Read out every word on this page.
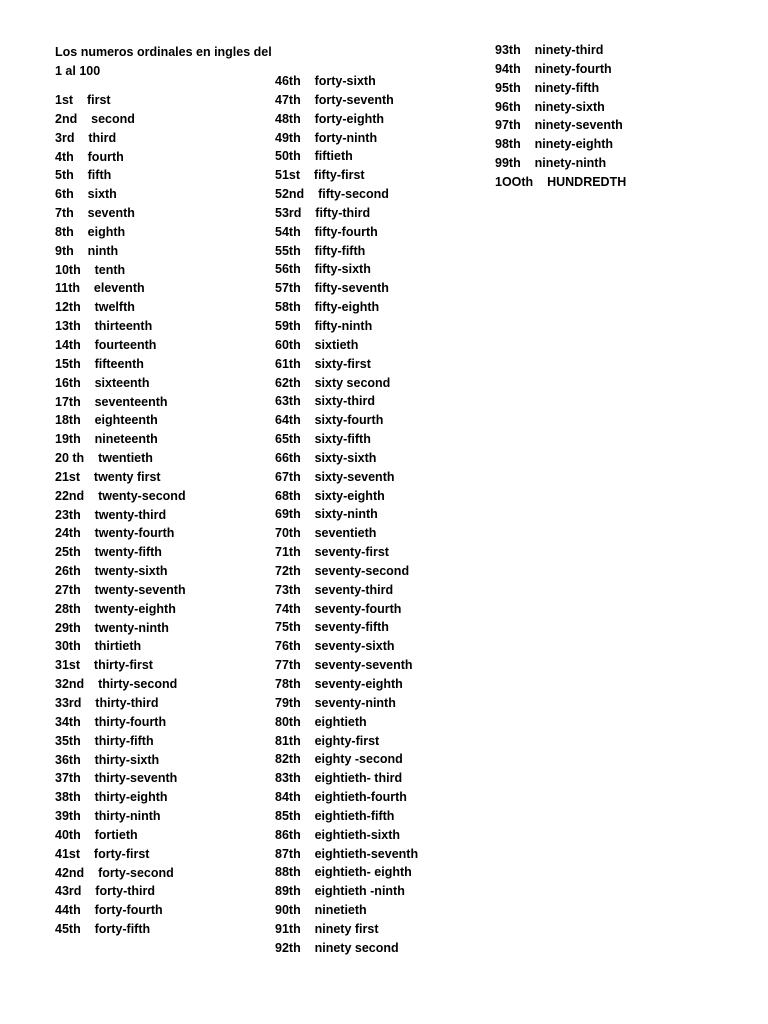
Los numeros ordinales en ingles del
1 al 100
1st    first
2nd    second
3rd    third
4th    fourth
5th    fifth
6th    sixth
7th    seventh
8th    eighth
9th    ninth
10th    tenth
11th    eleventh
12th    twelfth
13th    thirteenth
14th    fourteenth
15th    fifteenth
16th    sixteenth
17th    seventeenth
18th    eighteenth
19th    nineteenth
20 th    twentieth
21st    twenty first
22nd    twenty-second
23th    twenty-third
24th    twenty-fourth
25th    twenty-fifth
26th    twenty-sixth
27th    twenty-seventh
28th    twenty-eighth
29th    twenty-ninth
30th    thirtieth
31st    thirty-first
32nd    thirty-second
33rd    thirty-third
34th    thirty-fourth
35th    thirty-fifth
36th    thirty-sixth
37th    thirty-seventh
38th    thirty-eighth
39th    thirty-ninth
40th    fortieth
41st    forty-first
42nd    forty-second
43rd    forty-third
44th    forty-fourth
45th    forty-fifth
46th    forty-sixth
47th    forty-seventh
48th    forty-eighth
49th    forty-ninth
50th    fiftieth
51st    fifty-first
52nd    fifty-second
53rd    fifty-third
54th    fifty-fourth
55th    fifty-fifth
56th    fifty-sixth
57th    fifty-seventh
58th    fifty-eighth
59th    fifty-ninth
60th    sixtieth
61th    sixty-first
62th    sixty second
63th    sixty-third
64th    sixty-fourth
65th    sixty-fifth
66th    sixty-sixth
67th    sixty-seventh
68th    sixty-eighth
69th    sixty-ninth
70th    seventieth
71th    seventy-first
72th    seventy-second
73th    seventy-third
74th    seventy-fourth
75th    seventy-fifth
76th    seventy-sixth
77th    seventy-seventh
78th    seventy-eighth
79th    seventy-ninth
80th    eightieth
81th    eighty-first
82th    eighty -second
83th    eightieth- third
84th    eightieth-fourth
85th    eightieth-fifth
86th    eightieth-sixth
87th    eightieth-seventh
88th    eightieth- eighth
89th    eightieth -ninth
90th    ninetieth
91th    ninety first
92th    ninety second
93th    ninety-third
94th    ninety-fourth
95th    ninety-fifth
96th    ninety-sixth
97th    ninety-seventh
98th    ninety-eighth
99th    ninety-ninth
1OOth    HUNDREDTH
